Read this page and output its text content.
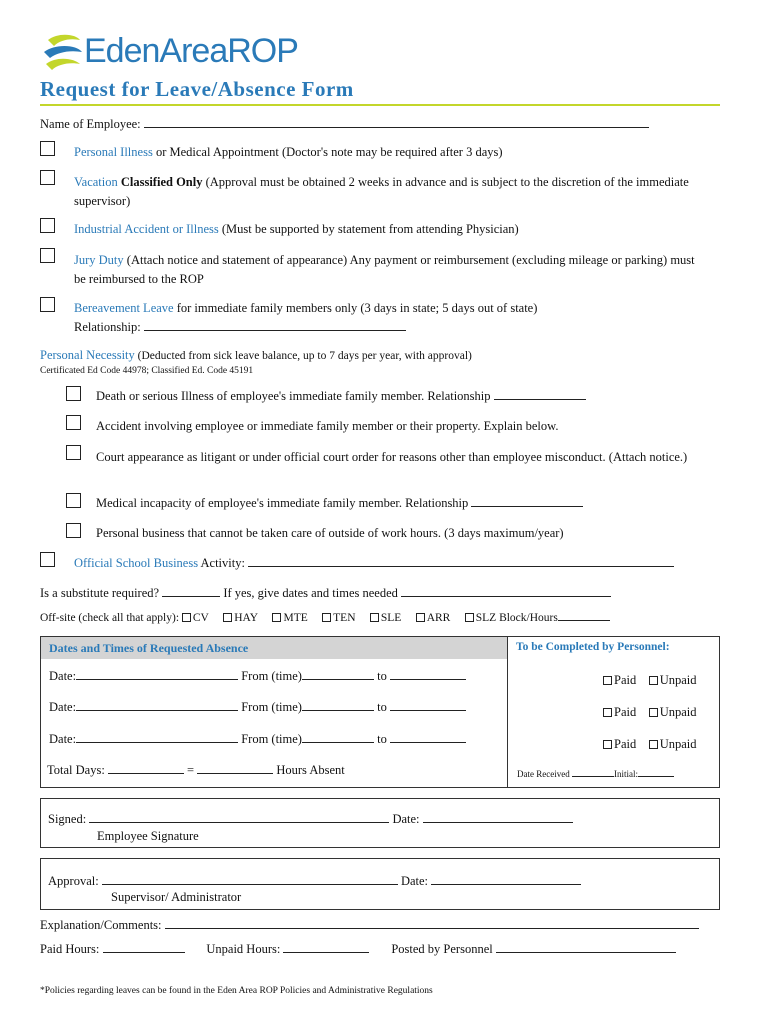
EdenAreaROP
Request for Leave/Absence Form
Name of Employee:
Personal Illness or Medical Appointment (Doctor's note may be required after 3 days)
Vacation Classified Only (Approval must be obtained 2 weeks in advance and is subject to the discretion of the immediate supervisor)
Industrial Accident or Illness (Must be supported by statement from attending Physician)
Jury Duty (Attach notice and statement of appearance) Any payment or reimbursement (excluding mileage or parking) must be reimbursed to the ROP
Bereavement Leave for immediate family members only (3 days in state; 5 days out of state)
Relationship:
Personal Necessity (Deducted from sick leave balance, up to 7 days per year, with approval)
Certificated Ed Code 44978; Classified Ed. Code 45191
Death or serious Illness of employee's immediate family member. Relationship
Accident involving employee or immediate family member or their property. Explain below.
Court appearance as litigant or under official court order for reasons other than employee misconduct. (Attach notice.)
Medical incapacity of employee's immediate family member. Relationship
Personal business that cannot be taken care of outside of work hours. (3 days maximum/year)
Official School Business Activity:
Is a substitute required?	If yes, give dates and times needed
Off-site (check all that apply): CV HAY MTE TEN SLE ARR SLZ Block/Hours
Dates and Times of Requested Absence	To be Completed by Personnel:
Date:	From (time)	to	Paid Unpaid
Date:	From (time)	to	Paid Unpaid
Date:	From (time)	to	Paid Unpaid
Total Days:	=	Hours Absent	Date Received	Initial:
Signed:	Date:
Employee Signature
Approval:	Date:
Supervisor/ Administrator
Explanation/Comments:
Paid Hours:	Unpaid Hours:	Posted by Personnel
*Policies regarding leaves can be found in the Eden Area ROP Policies and Administrative Regulations
